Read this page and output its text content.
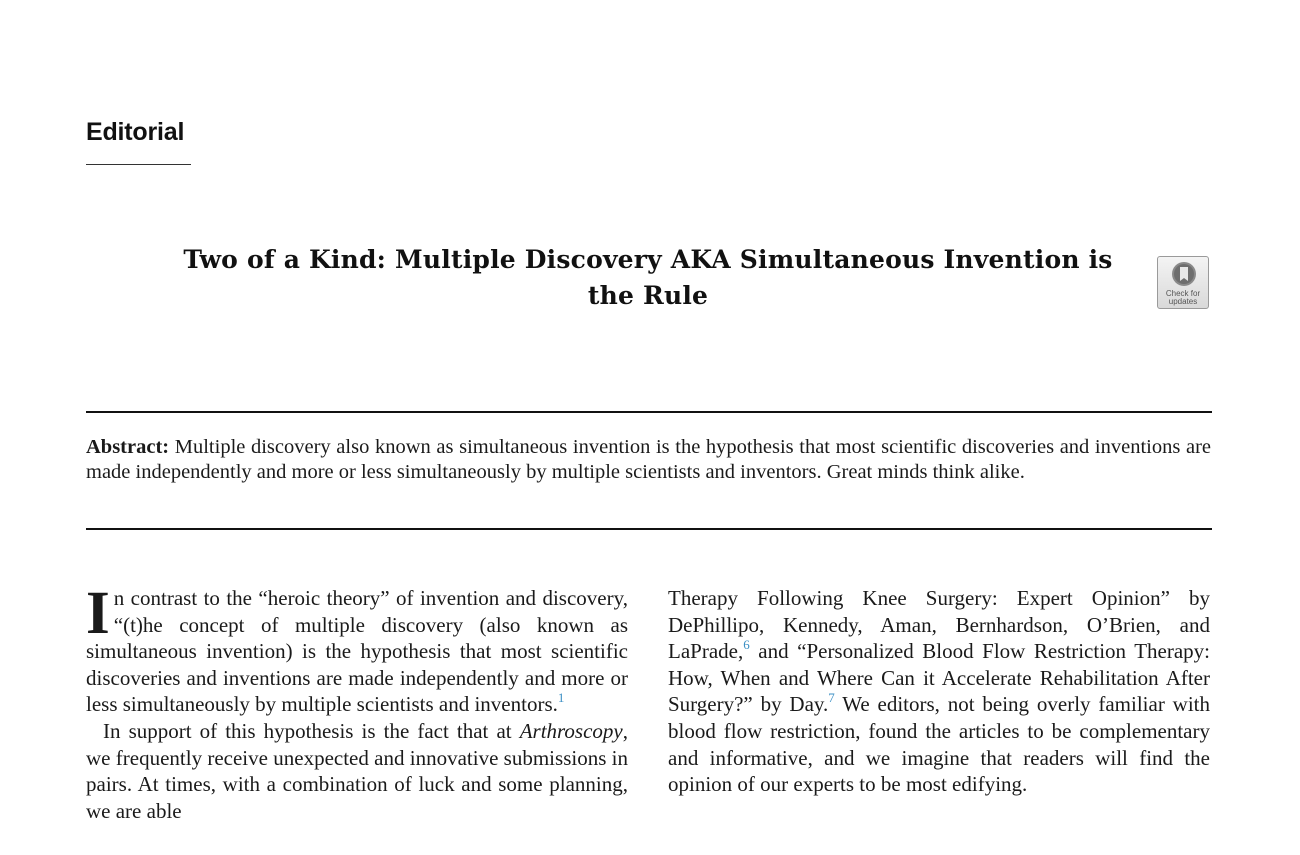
Editorial
Two of a Kind: Multiple Discovery AKA Simultaneous Invention is
the Rule	Check for
updates
Abstract: Multiple discovery also known as simultaneous invention is the hypothesis that most scientific discoveries and inventions are made independently and more or less simultaneously by multiple scientists and inventors. Great minds think alike.

In contrast to the “heroic theory” of invention and discovery, “(t)he concept of multiple discovery (also known as simultaneous invention) is the hypothesis that most scientific discoveries and inventions are made independently and more or less simultaneously by multiple scientists and inventors.$^1$

In support of this hypothesis is the fact that at Arthroscopy, we frequently receive unexpected and innovative submissions in pairs. At times, with a combination of luck and some planning, we are able

Therapy Following Knee Surgery: Expert Opinion” by DePhillipo, Kennedy, Aman, Bernhardson, O’Brien, and LaPrade,$^6$ and “Personalized Blood Flow Restriction Therapy: How, When and Where Can it Accelerate Rehabilitation After Surgery?” by Day.$^7$ We editors, not being overly familiar with blood flow restriction, found the articles to be complementary and informative, and we imagine that readers will find the opinion of our experts to be most edifying.
